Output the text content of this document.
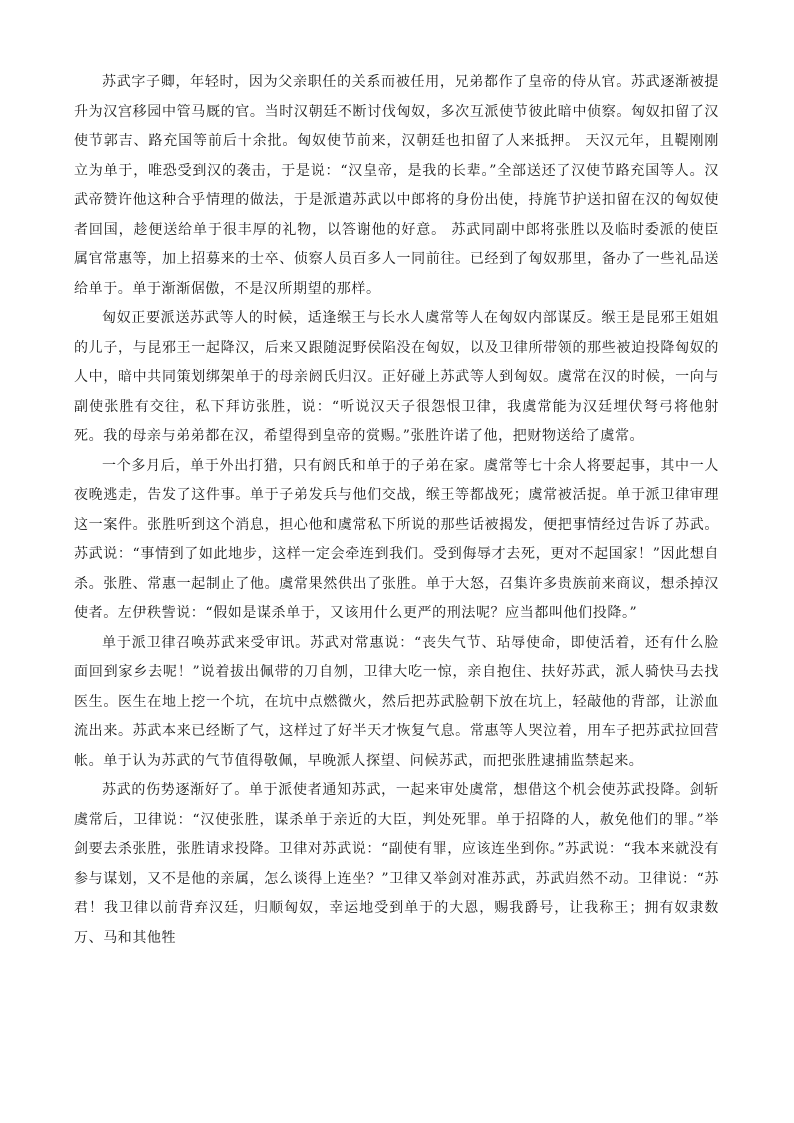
苏武字子卿，年轻时，因为父亲职任的关系而被任用，兄弟都作了皇帝的侍从官。苏武逐渐被提升为汉宫移园中管马厩的官。当时汉朝廷不断讨伐匈奴，多次互派使节彼此暗中侦察。匈奴扣留了汉使节郭吉、路充国等前后十余批。匈奴使节前来，汉朝廷也扣留了人来抵押。 天汉元年，且鞮刚刚立为单于，唯恐受到汉的袭击，于是说：“汉皇帝，是我的长辈。”全部送还了汉使节路充国等人。汉武帝赞许他这种合乎情理的做法，于是派遣苏武以中郎将的身份出使，持旄节护送扣留在汉的匈奴使者回国，趁便送给单于很丰厚的礼物，以答谢他的好意。 苏武同副中郎将张胜以及临时委派的使臣属官常惠等，加上招募来的士卒、侦察人员百多人一同前往。已经到了匈奴那里，备办了一些礼品送给单于。单于渐渐倨傲，不是汉所期望的那样。

匈奴正要派送苏武等人的时候，适逢缑王与长水人虞常等人在匈奴内部谋反。缑王是昆邪王姐姐的儿子，与昆邪王一起降汉，后来又跟随浞野侯陷没在匈奴，以及卫律所带领的那些被迫投降匈奴的人中，暗中共同策划绑架单于的母亲阏氏归汉。正好碰上苏武等人到匈奴。虞常在汉的时候，一向与副使张胜有交往，私下拜访张胜，说：“听说汉天子很怨恨卫律，我虞常能为汉廷埋伏弩弓将他射死。我的母亲与弟弟都在汉，希望得到皇帝的赏赐。”张胜许诺了他，把财物送给了虞常。

一个多月后，单于外出打猎，只有阏氏和单于的子弟在家。虞常等七十余人将要起事，其中一人夜晚逃走，告发了这件事。单于子弟发兵与他们交战，缑王等都战死；虞常被活捉。单于派卫律审理这一案件。张胜听到这个消息，担心他和虞常私下所说的那些话被揭发，便把事情经过告诉了苏武。苏武说：“事情到了如此地步，这样一定会牵连到我们。受到侮辱才去死，更对不起国家！”因此想自杀。张胜、常惠一起制止了他。虞常果然供出了张胜。单于大怒，召集许多贵族前来商议，想杀掉汉使者。左伊秩訾说：“假如是谋杀单于，又该用什么更严的刑法呢？应当都叫他们投降。”

单于派卫律召唤苏武来受审讯。苏武对常惠说：“丧失气节、玷辱使命，即使活着，还有什么脸面回到家乡去呢！”说着拔出佩带的刀自刎，卫律大吃一惊，亲自抱住、扶好苏武，派人骑快马去找医生。医生在地上挖一个坑，在坑中点燃微火，然后把苏武脸朝下放在坑上，轻敲他的背部，让淤血流出来。苏武本来已经断了气，这样过了好半天才恢复气息。常惠等人哭泣着，用车子把苏武拉回营帐。单于认为苏武的气节值得敬佩，早晚派人探望、问候苏武，而把张胜逮捕监禁起来。

苏武的伤势逐渐好了。单于派使者通知苏武，一起来审处虞常，想借这个机会使苏武投降。剑斩虞常后，卫律说：“汉使张胜，谋杀单于亲近的大臣，判处死罪。单于招降的人，赦免他们的罪。”举剑要去杀张胜，张胜请求投降。卫律对苏武说：“副使有罪，应该连坐到你。”苏武说：“我本来就没有参与谋划，又不是他的亲属，怎么谈得上连坐？”卫律又举剑对准苏武，苏武岿然不动。卫律说：“苏君！我卫律以前背弃汉廷，归顺匈奴，幸运地受到单于的大恩，赐我爵号，让我称王；拥有奴隶数万、马和其他牲
